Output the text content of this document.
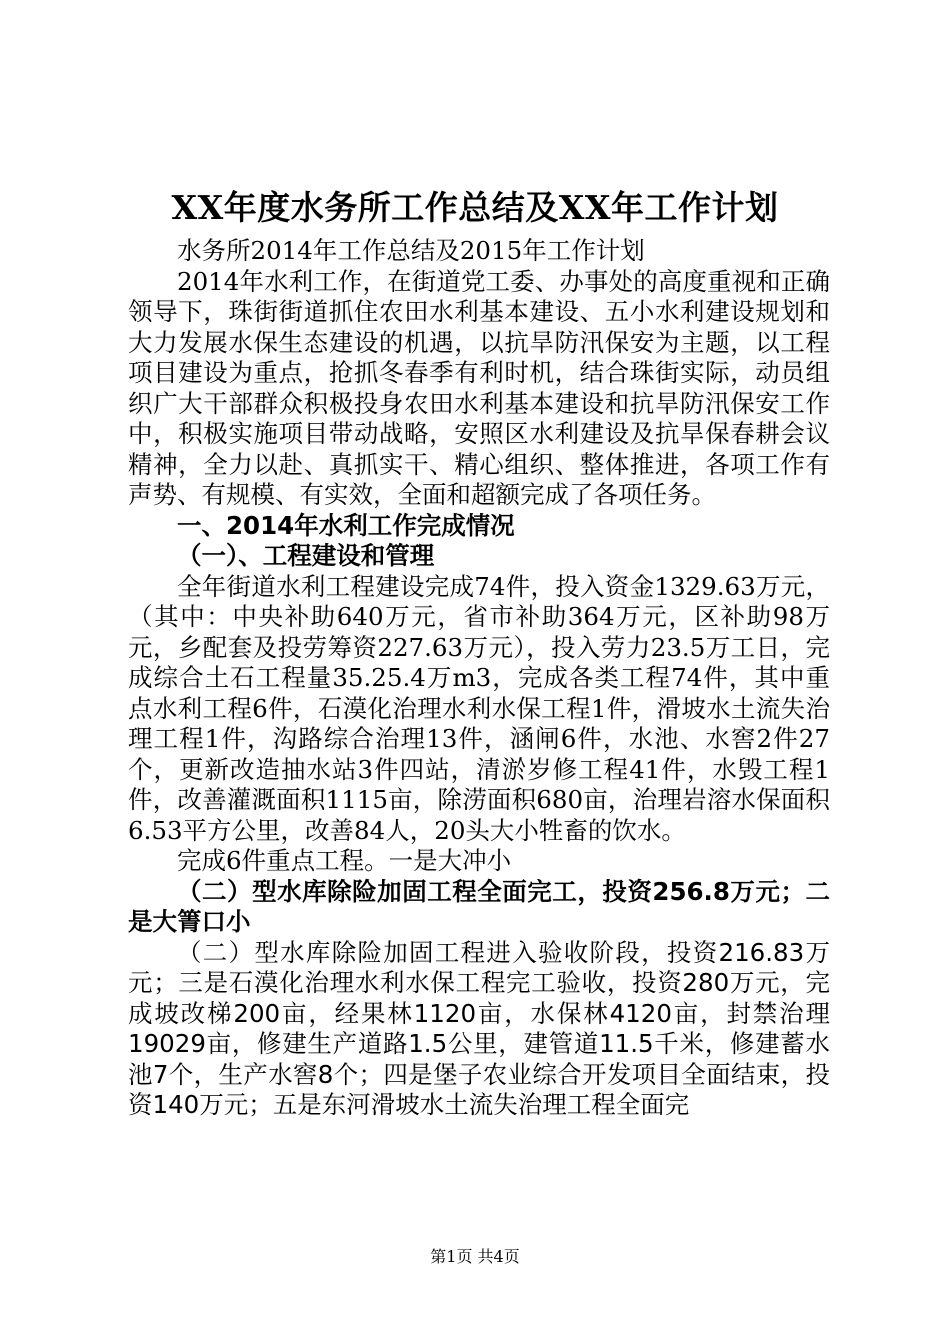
XX年度水务所工作总结及XX年工作计划

水务所2014年工作总结及2015年工作计划

2014年水利工作，在街道党工委、办事处的高度重视和正确领导下，珠街街道抓住农田水利基本建设、五小水利建设规划和大力发展水保生态建设的机遇，以抗旱防汛保安为主题，以工程项目建设为重点，抢抓冬春季有利时机，结合珠街实际，动员组织广大干部群众积极投身农田水利基本建设和抗旱防汛保安工作中，积极实施项目带动战略，安照区水利建设及抗旱保春耕会议精神，全力以赴、真抓实干、精心组织、整体推进，各项工作有声势、有规模、有实效，全面和超额完成了各项任务。

一、2014年水利工作完成情况

（一）、工程建设和管理

全年街道水利工程建设完成74件，投入资金1329.63万元，（其中：中央补助640万元，省市补助364万元，区补助98万元，乡配套及投劳筹资227.63万元），投入劳力23.5万工日，完成综合土石工程量35.25.4万m3，完成各类工程74件，其中重点水利工程6件，石漠化治理水利水保工程1件，滑坡水土流失治理工程1件，沟路综合治理13件，涵闸6件，水池、水窖2件27个，更新改造抽水站3件四站，清淤岁修工程41件，水毁工程1件，改善灌溉面积1115亩，除涝面积680亩，治理岩溶水保面积6.53平方公里，改善84人，20头大小牲畜的饮水。

完成6件重点工程。一是大冲小

（二）型水库除险加固工程全面完工，投资256.8万元；二是大箐口小

（二）型水库除险加固工程进入验收阶段，投资216.83万元；三是石漠化治理水利水保工程完工验收，投资280万元，完成坡改梯200亩，经果林1120亩，水保林4120亩，封禁治理19029亩，修建生产道路1.5公里，建管道11.5千米，修建蓄水池7个，生产水窖8个；四是堡子农业综合开发项目全面结束，投资140万元；五是东河滑坡水土流失治理工程全面完

第1页 共4页
